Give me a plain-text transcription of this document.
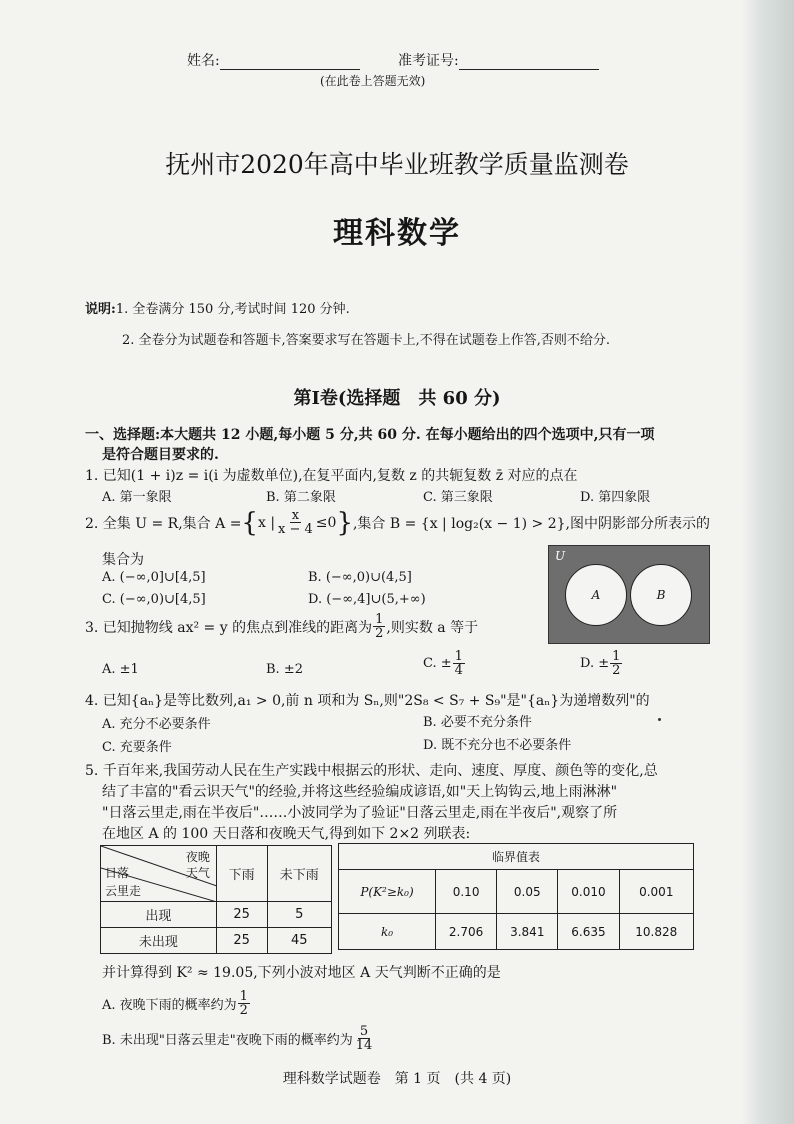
姓名:	准考证号:
(在此卷上答题无效)
抚州市2020年高中毕业班教学质量监测卷
理科数学
说明:1. 全卷满分 150 分,考试时间 120 分钟.
2. 全卷分为试题卷和答题卡,答案要求写在答题卡上,不得在试题卷上作答,否则不给分.
第Ⅰ卷(选择题　共 60 分)
一、选择题:本大题共 12 小题,每小题 5 分,共 60 分. 在每小题给出的四个选项中,只有一项
是符合题目要求的.
1. 已知(1 + i)z = i(i 为虚数单位),在复平面内,复数 z 的共轭复数 z̄ 对应的点在
A. 第一象限	B. 第二象限	C. 第三象限	D. 第四象限
2. 全集 U = R,集合 A = { x | $\frac{x}{x - 4} \le 0$ } ,集合 B = {x | log₂(x − 1) > 2},图中阴影部分所表示的
集合为
A. (−∞,0]∪[4,5]	B. (−∞,0)∪(4,5]
C. (−∞,0)∪[4,5]	D. (−∞,4]∪(5,+∞)
U
A	B
3. 已知抛物线 ax² = y 的焦点到准线的距离为 $\frac{1}{2}$ ,则实数 a 等于
A. ±1	B. ±2	C. ± $\frac{1}{4}$	D. ± $\frac{1}{2}$
4. 已知{aₙ}是等比数列,a₁ > 0,前 n 项和为 Sₙ,则"2S₈ < S₇ + S₉"是"{aₙ}为递增数列"的
A. 充分不必要条件	B. 必要不充分条件
C. 充要条件	D. 既不充分也不必要条件
5. 千百年来,我国劳动人民在生产实践中根据云的形状、走向、速度、厚度、颜色等的变化,总
结了丰富的"看云识天气"的经验,并将这些经验编成谚语,如"天上钩钩云,地上雨淋淋"
"日落云里走,雨在半夜后"……小波同学为了验证"日落云里走,雨在半夜后",观察了所
在地区 A 的 100 天日落和夜晚天气,得到如下 2×2 列联表:
夜晚
日落 天气
云里走	下雨	未下雨
出现	25	5
未出现	25	45
临界值表				
P(K²≥k₀)	0.10	0.05	0.010	0.001
k₀	2.706	3.841	6.635	10.828
并计算得到 K² ≈ 19.05,下列小波对地区 A 天气判断不正确的是
A. 夜晚下雨的概率约为 $\frac{1}{2}$
B. 未出现"日落云里走"夜晚下雨的概率约为 $\frac{5}{14}$
理科数学试题卷　第 1 页　(共 4 页)
